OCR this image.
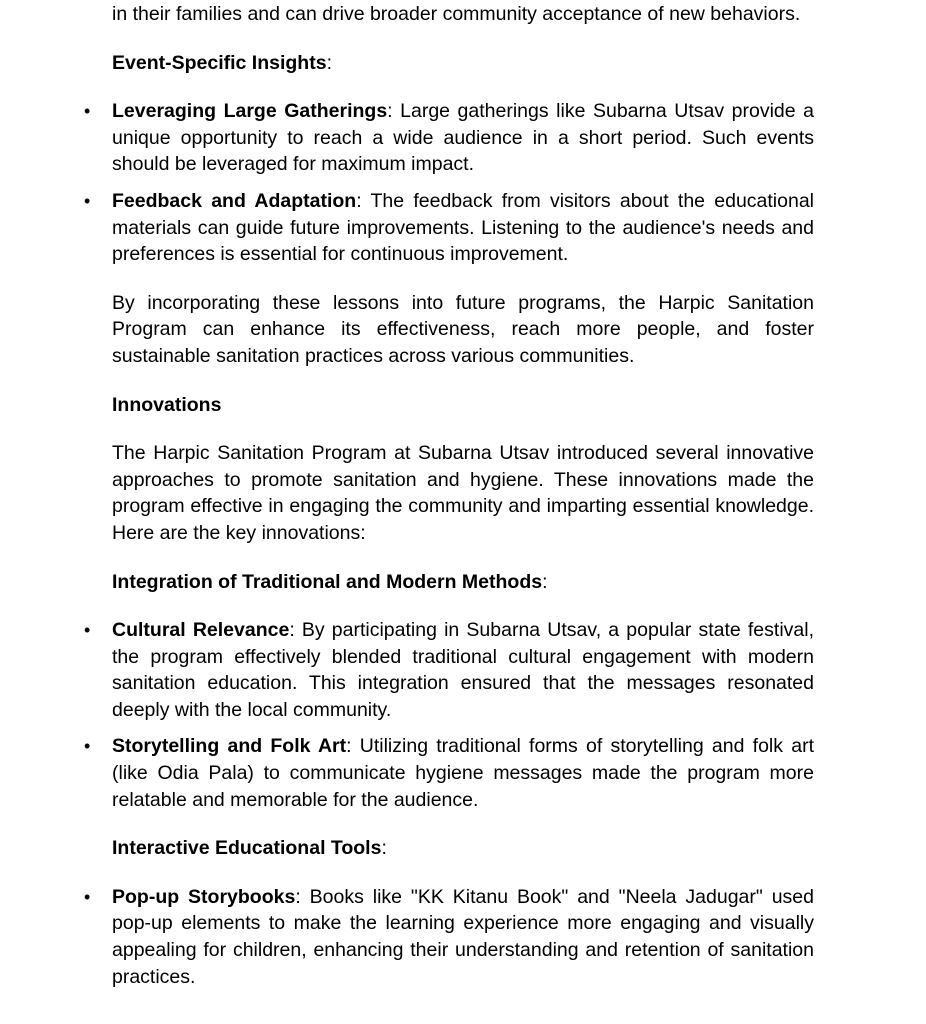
in their families and can drive broader community acceptance of new behaviors.

Event-Specific Insights:

• Leveraging Large Gatherings: Large gatherings like Subarna Utsav provide a unique opportunity to reach a wide audience in a short period. Such events should be leveraged for maximum impact.
• Feedback and Adaptation: The feedback from visitors about the educational materials can guide future improvements. Listening to the audience's needs and preferences is essential for continuous improvement.

By incorporating these lessons into future programs, the Harpic Sanitation Program can enhance its effectiveness, reach more people, and foster sustainable sanitation practices across various communities.

Innovations

The Harpic Sanitation Program at Subarna Utsav introduced several innovative approaches to promote sanitation and hygiene. These innovations made the program effective in engaging the community and imparting essential knowledge. Here are the key innovations:

Integration of Traditional and Modern Methods:

• Cultural Relevance: By participating in Subarna Utsav, a popular state festival, the program effectively blended traditional cultural engagement with modern sanitation education. This integration ensured that the messages resonated deeply with the local community.
• Storytelling and Folk Art: Utilizing traditional forms of storytelling and folk art (like Odia Pala) to communicate hygiene messages made the program more relatable and memorable for the audience.

Interactive Educational Tools:

• Pop-up Storybooks: Books like "KK Kitanu Book" and "Neela Jadugar" used pop-up elements to make the learning experience more engaging and visually appealing for children, enhancing their understanding and retention of sanitation practices.
